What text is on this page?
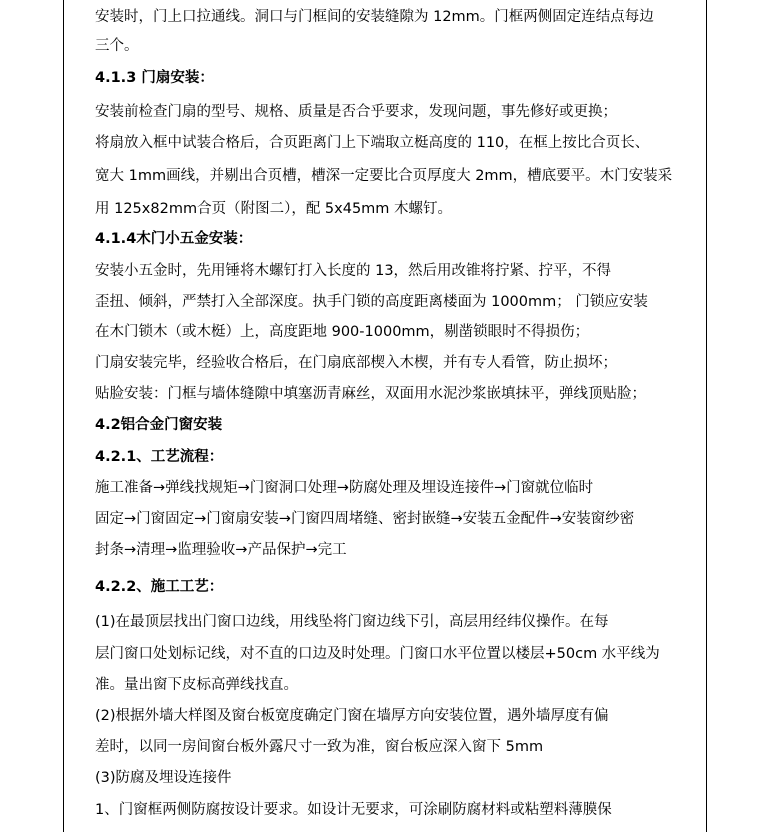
安装时，门上口拉通线。洞口与门框间的安装缝隙为 12mm。门框两侧固定连结点每边
三个。
4.1.3 门扇安装：
安装前检查门扇的型号、规格、质量是否合乎要求，发现问题，事先修好或更换；
将扇放入框中试装合格后，合页距离门上下端取立梃高度的 110，在框上按比合页长、
宽大 1mm画线，并剔出合页槽，槽深一定要比合页厚度大 2mm，槽底要平。木门安装采
用 125x82mm合页（附图二），配 5x45mm 木螺钉。
4.1.4木门小五金安装：
安装小五金时，先用锤将木螺钉打入长度的 13，然后用改锥将拧紧、拧平，不得
歪扭、倾斜，严禁打入全部深度。执手门锁的高度距离楼面为 1000mm； 门锁应安装
在木门锁木（或木梃）上，高度距地 900-1000mm，剔凿锁眼时不得损伤；
门扇安装完毕，经验收合格后，在门扇底部楔入木楔，并有专人看管，防止损坏；
贴脸安装：门框与墙体缝隙中填塞沥青麻丝，双面用水泥沙浆嵌填抹平，弹线顶贴脸；
4.2铝合金门窗安装
4.2.1、工艺流程：
施工准备→弹线找规矩→门窗洞口处理→防腐处理及埋设连接件→门窗就位临时
固定→门窗固定→门窗扇安装→门窗四周堵缝、密封嵌缝→安装五金配件→安装窗纱密
封条→清理→监理验收→产品保护→完工
4.2.2、施工工艺：
(1)在最顶层找出门窗口边线，用线坠将门窗边线下引，高层用经纬仪操作。在每
层门窗口处划标记线，对不直的口边及时处理。门窗口水平位置以楼层+50cm 水平线为
准。量出窗下皮标高弹线找直。
(2)根据外墙大样图及窗台板宽度确定门窗在墙厚方向安装位置，遇外墙厚度有偏
差时，以同一房间窗台板外露尺寸一致为准，窗台板应深入窗下 5mm
(3)防腐及埋设连接件
1、门窗框两侧防腐按设计要求。如设计无要求，可涂刷防腐材料或粘塑料薄膜保
